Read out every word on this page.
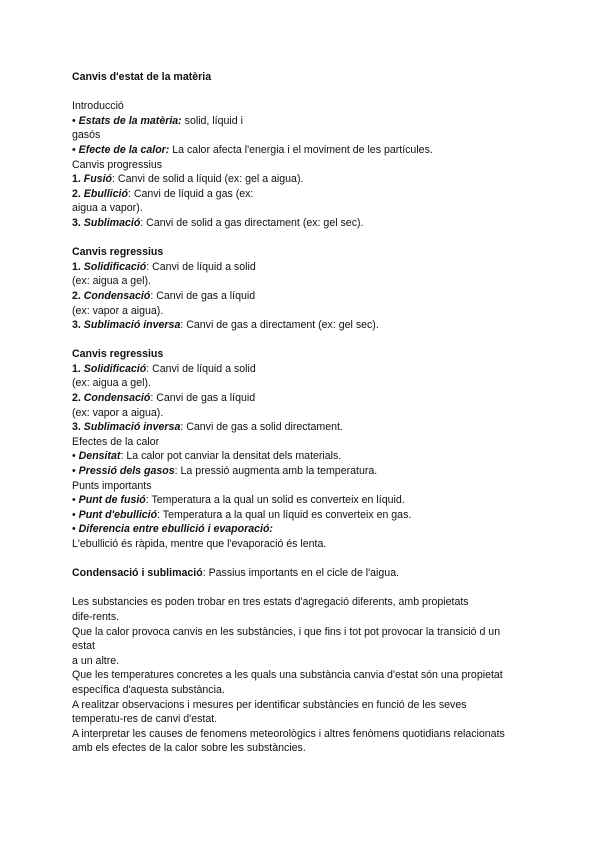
Canvis d'estat de la matèria
Introducció
• Estats de la matèria: solid, líquid i
gasós
• Efecte de la calor: La calor afecta l'energia i el moviment de les partícules.
Canvis progressius
1. Fusió: Canvi de solid a líquid (ex: gel a aigua).
2. Ebullició: Canvi de líquid a gas (ex:
aigua a vapor).
3. Sublimació: Canvi de solid a gas directament (ex: gel sec).
Canvis regressius
1. Solidificació: Canvi de líquid a solid
(ex: aigua a gel).
2. Condensació: Canvi de gas a líquid
(ex: vapor a aigua).
3. Sublimació inversa: Canvi de gas a directament (ex: gel sec).
Canvis regressius
1. Solidificació: Canvi de líquid a solid
(ex: aigua a gel).
2. Condensació: Canvi de gas a líquid
(ex: vapor a aigua).
3. Sublimació inversa: Canvi de gas a solid directament.
Efectes de la calor
• Densitat: La calor pot canviar la densitat dels materials.
• Pressió dels gasos: La pressió augmenta amb la temperatura.
Punts importants
• Punt de fusió: Temperatura a la qual un solid es converteix en líquid.
• Punt d'ebullició: Temperatura a la qual un líquid es converteix en gas.
• Diferencia entre ebullició i evaporació:
L'ebullició és ràpida, mentre que l'evaporació és lenta.
Condensació i sublimació: Passius importants en el cicle de l'aigua.
Les substancies es poden trobar en tres estats d'agregació diferents, amb propietats
dife-rents.
Que la calor provoca canvis en les substàncies, i que fins i tot pot provocar la transició d un
estat
a un altre.
Que les temperatures concretes a les quals una substància canvia d'estat són una propietat
específica d'aquesta substància.
A realitzar observacions i mesures per identificar substàncies en funció de les seves
temperatu-res de canvi d'estat.
A interpretar les causes de fenomens meteorològics i altres fenòmens quotidians relacionats
amb els efectes de la calor sobre les substàncies.
